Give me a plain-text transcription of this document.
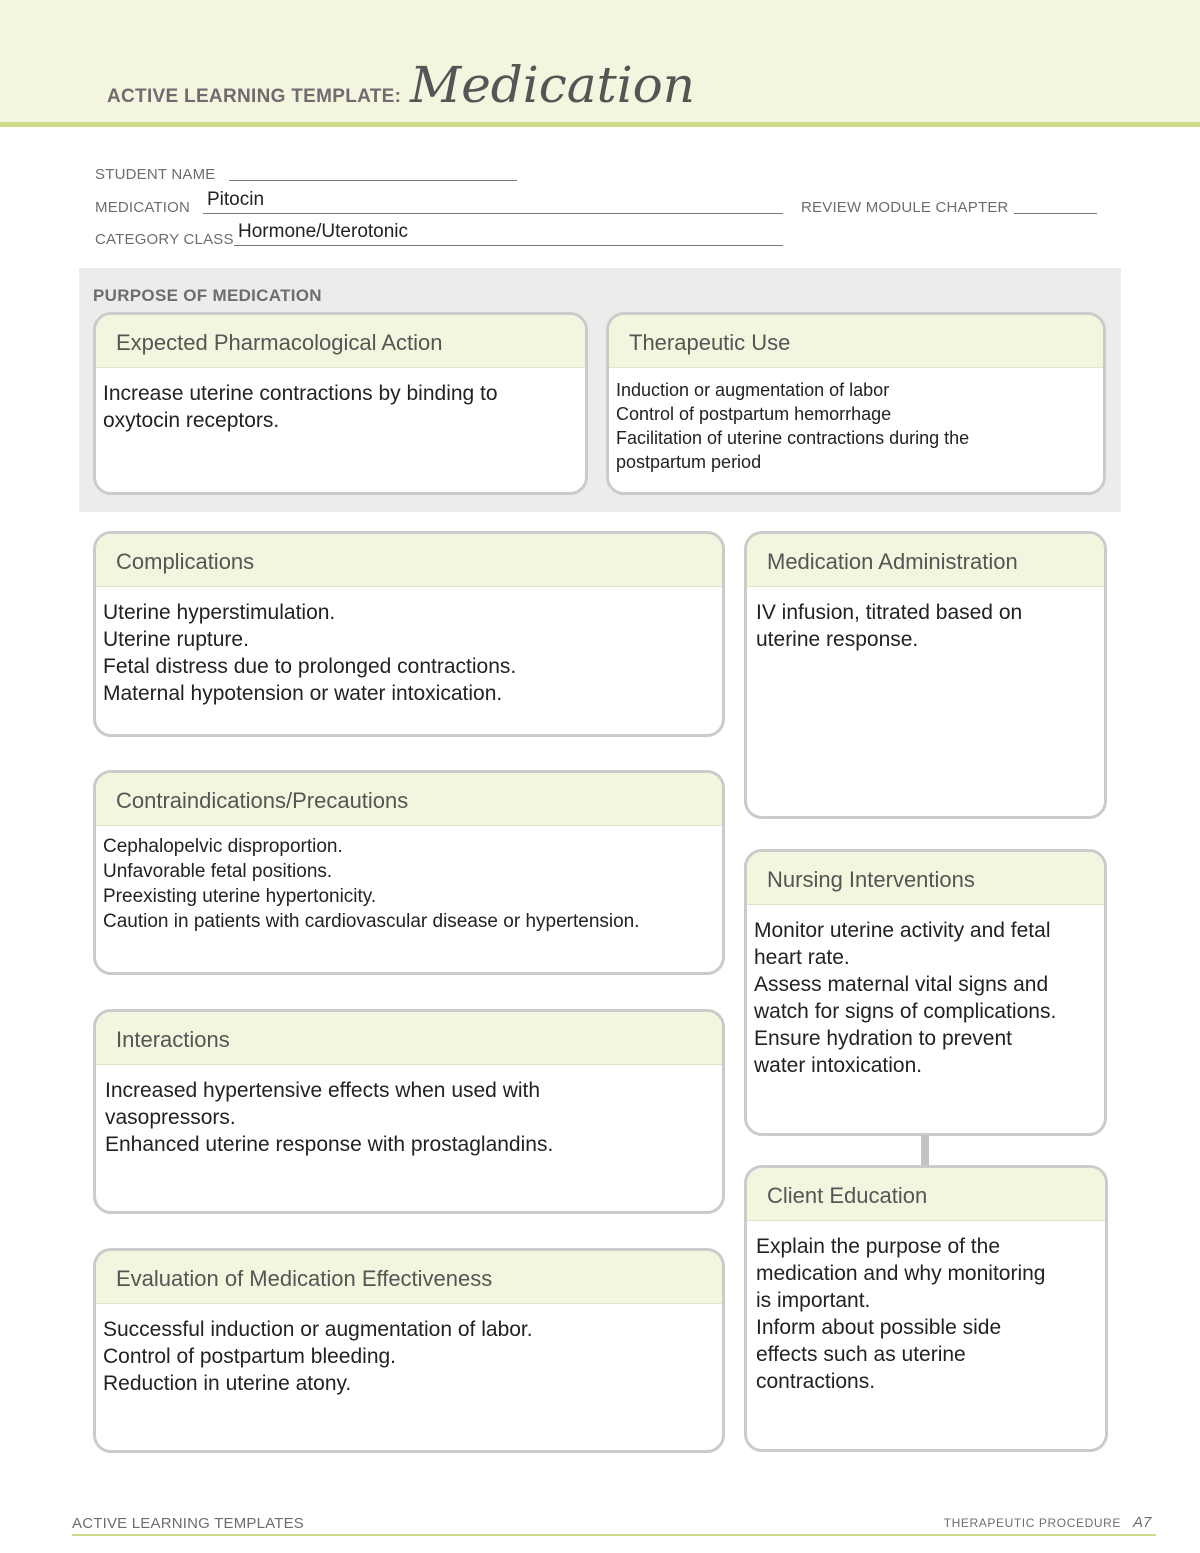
ACTIVE LEARNING TEMPLATE: Medication
STUDENT NAME
MEDICATION Pitocin	REVIEW MODULE CHAPTER
CATEGORY CLASS Hormone/Uterotonic
PURPOSE OF MEDICATION
Expected Pharmacological Action
Increase uterine contractions by binding to
oxytocin receptors.
Therapeutic Use
Induction or augmentation of labor
Control of postpartum hemorrhage
Facilitation of uterine contractions during the
postpartum period
Complications
Uterine hyperstimulation.
Uterine rupture.
Fetal distress due to prolonged contractions.
Maternal hypotension or water intoxication.
Medication Administration
IV infusion, titrated based on
uterine response.
Contraindications/Precautions
Cephalopelvic disproportion.
Unfavorable fetal positions.
Preexisting uterine hypertonicity.
Caution in patients with cardiovascular disease or hypertension.
Nursing Interventions
Monitor uterine activity and fetal
heart rate.
Assess maternal vital signs and
watch for signs of complications.
Ensure hydration to prevent
water intoxication.
Interactions
Increased hypertensive effects when used with
vasopressors.
Enhanced uterine response with prostaglandins.
Client Education
Explain the purpose of the
medication and why monitoring
is important.
Inform about possible side
effects such as uterine
contractions.
Evaluation of Medication Effectiveness
Successful induction or augmentation of labor.
Control of postpartum bleeding.
Reduction in uterine atony.
ACTIVE LEARNING TEMPLATES	THERAPEUTIC PROCEDURE A7
